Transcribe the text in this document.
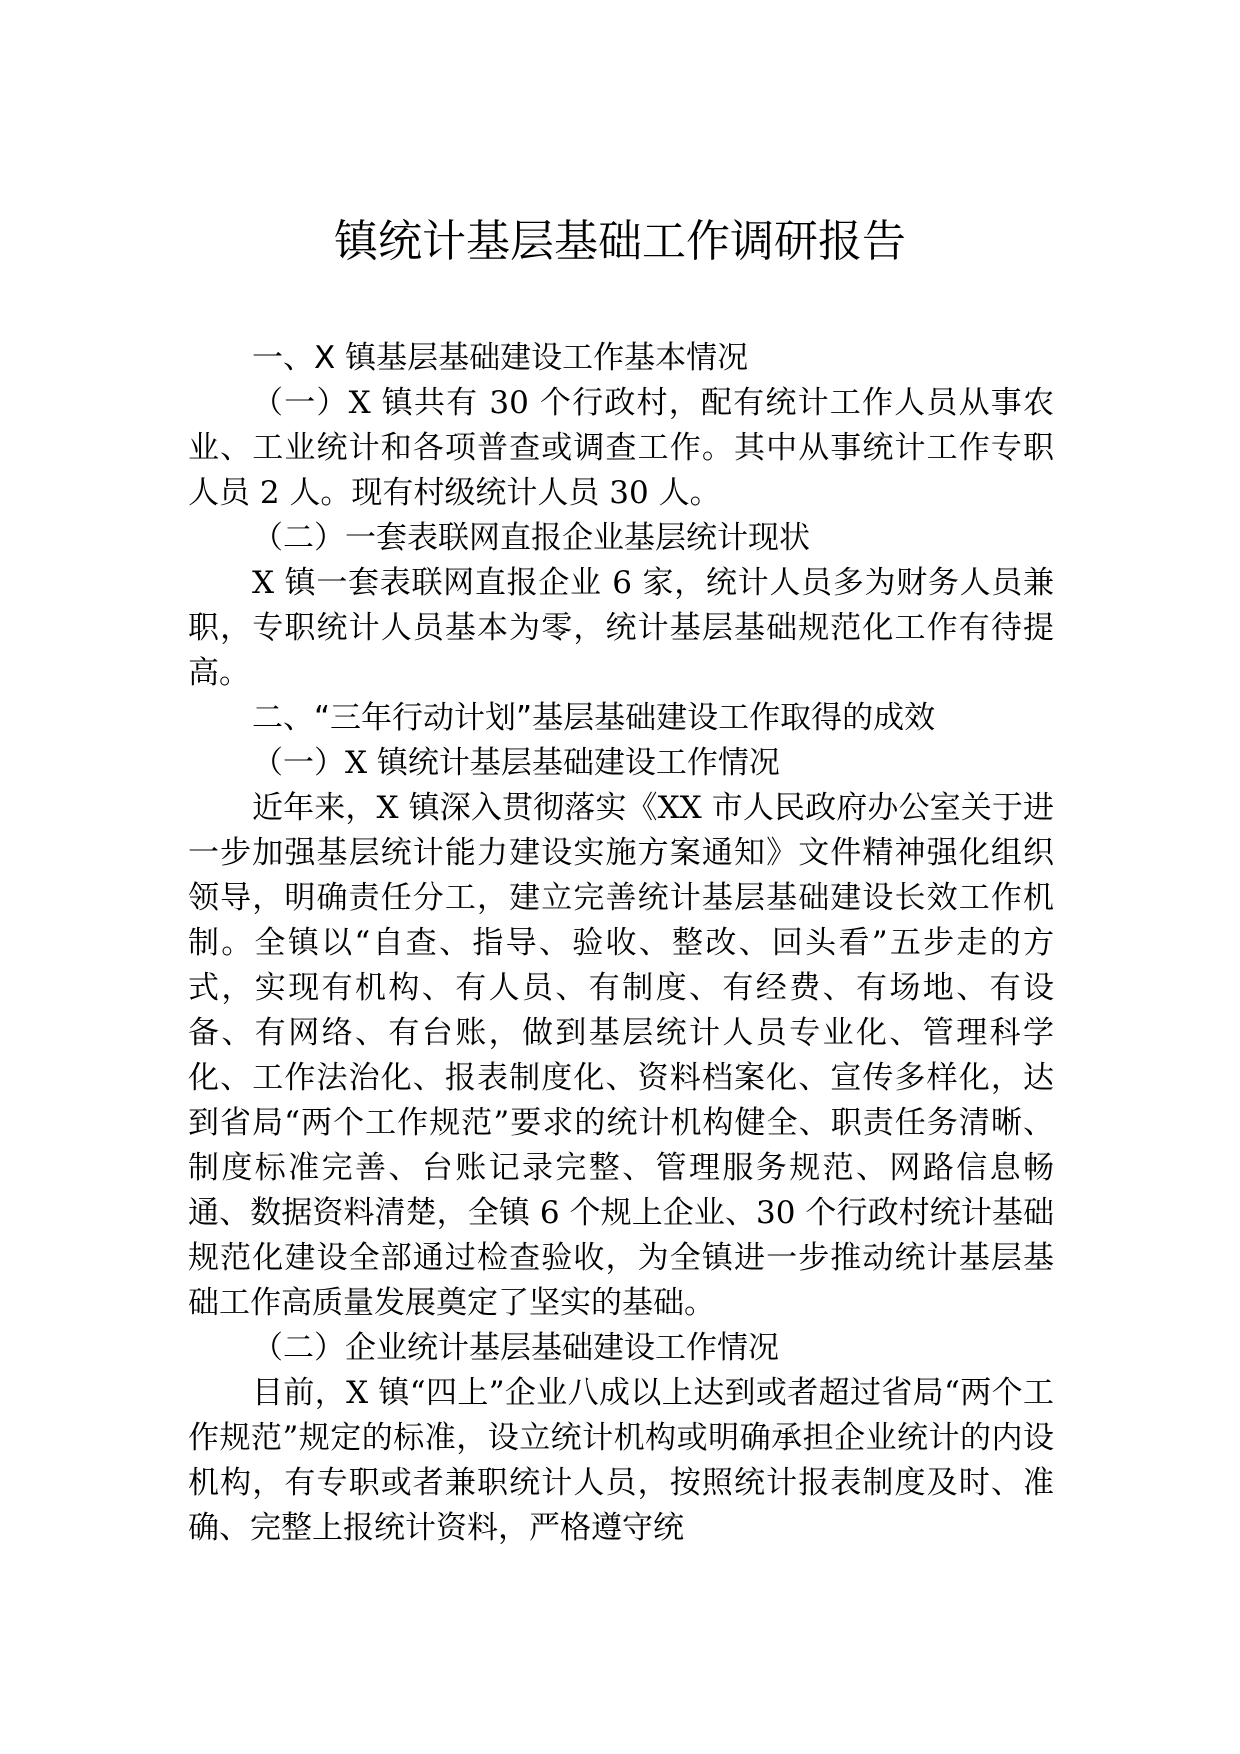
镇统计基层基础工作调研报告

一、X 镇基层基础建设工作基本情况

（一）X 镇共有 30 个行政村，配有统计工作人员从事农业、工业统计和各项普查或调查工作。其中从事统计工作专职人员 2 人。现有村级统计人员 30 人。

（二）一套表联网直报企业基层统计现状

X 镇一套表联网直报企业 6 家，统计人员多为财务人员兼职，专职统计人员基本为零，统计基层基础规范化工作有待提高。

二、“三年行动计划”基层基础建设工作取得的成效

（一）X 镇统计基层基础建设工作情况

近年来，X 镇深入贯彻落实《XX 市人民政府办公室关于进一步加强基层统计能力建设实施方案通知》文件精神强化组织领导，明确责任分工，建立完善统计基层基础建设长效工作机制。全镇以“自查、指导、验收、整改、回头看”五步走的方式，实现有机构、有人员、有制度、有经费、有场地、有设备、有网络、有台账，做到基层统计人员专业化、管理科学化、工作法治化、报表制度化、资料档案化、宣传多样化，达到省局“两个工作规范”要求的统计机构健全、职责任务清晰、制度标准完善、台账记录完整、管理服务规范、网路信息畅通、数据资料清楚，全镇 6 个规上企业、30 个行政村统计基础规范化建设全部通过检查验收，为全镇进一步推动统计基层基础工作高质量发展奠定了坚实的基础。

（二）企业统计基层基础建设工作情况

目前，X 镇“四上”企业八成以上达到或者超过省局“两个工作规范”规定的标准，设立统计机构或明确承担企业统计的内设机构，有专职或者兼职统计人员，按照统计报表制度及时、准确、完整上报统计资料，严格遵守统
